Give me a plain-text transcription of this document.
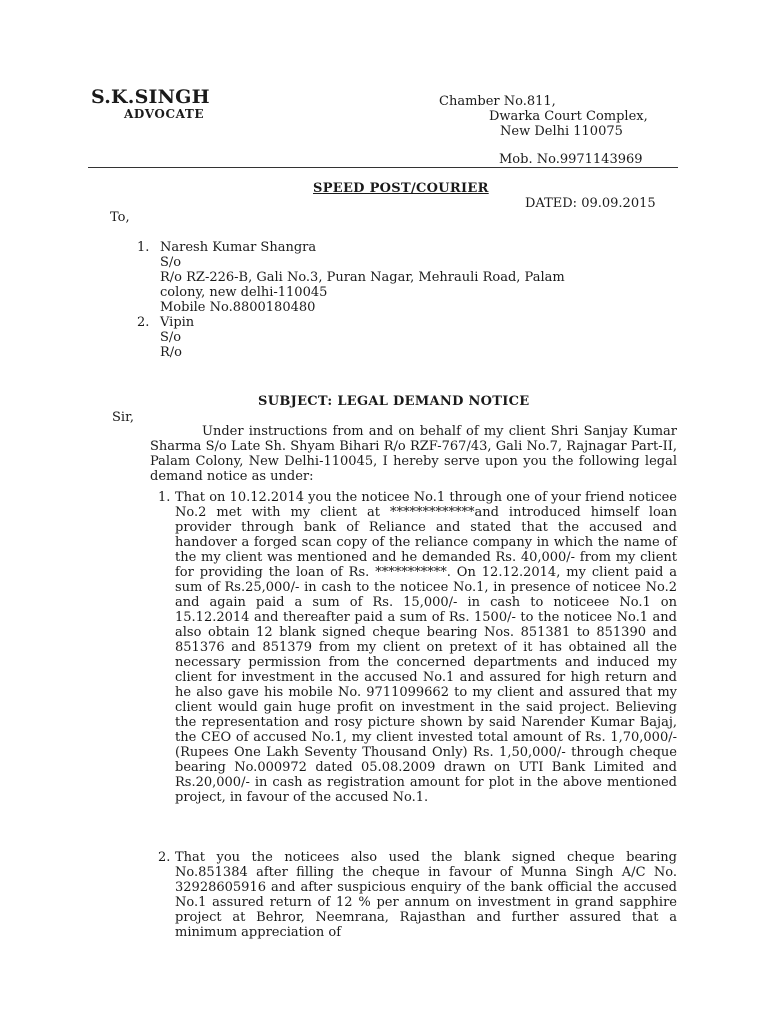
S.K.SINGH
ADVOCATE
Chamber No.811,
Dwarka Court Complex,
New Delhi 110075
Mob. No.9971143969
SPEED POST/COURIER
DATED: 09.09.2015
To,
1. Naresh Kumar Shangra
S/o
R/o RZ-226-B, Gali No.3, Puran Nagar, Mehrauli Road, Palam
colony, new delhi-110045
Mobile No.8800180480
2. Vipin
S/o
R/o
SUBJECT: LEGAL DEMAND NOTICE
Sir,

Under instructions from and on behalf of my client Shri Sanjay Kumar Sharma S/o Late Sh. Shyam Bihari R/o RZF-767/43, Gali No.7, Rajnagar Part-II, Palam Colony, New Delhi-110045, I hereby serve upon you the following legal demand notice as under:

1. That on 10.12.2014 you the noticee No.1 through one of your friend noticee No.2 met with my client at *************and introduced himself loan provider through bank of Reliance and stated that the accused and handover a forged scan copy of the reliance company in which the name of the my client was mentioned and he demanded Rs. 40,000/- from my client for providing the loan of Rs. ***********. On 12.12.2014, my client paid a sum of Rs.25,000/- in cash to the noticee No.1, in presence of noticee No.2 and again paid a sum of Rs. 15,000/- in cash to noticeee No.1 on 15.12.2014 and thereafter paid a sum of Rs. 1500/- to the noticee No.1 and also obtain 12 blank signed cheque bearing Nos. 851381 to 851390 and 851376 and 851379 from my client on pretext of it has obtained all the necessary permission from the concerned departments and induced my client for investment in the accused No.1 and assured for high return and he also gave his mobile No. 9711099662 to my client and assured that my client would gain huge profit on investment in the said project. Believing the representation and rosy picture shown by said Narender Kumar Bajaj, the CEO of accused No.1, my client invested total amount of Rs. 1,70,000/- (Rupees One Lakh Seventy Thousand Only) Rs. 1,50,000/- through cheque bearing No.000972 dated 05.08.2009 drawn on UTI Bank Limited and Rs.20,000/- in cash as registration amount for plot in the above mentioned project, in favour of the accused No.1.

2. That you the noticees also used the blank signed cheque bearing No.851384 after filling the cheque in favour of Munna Singh A/C No. 32928605916 and after suspicious enquiry of the bank official the accused No.1 assured return of 12 % per annum on investment in grand sapphire project at Behror, Neemrana, Rajasthan and further assured that a minimum appreciation of
